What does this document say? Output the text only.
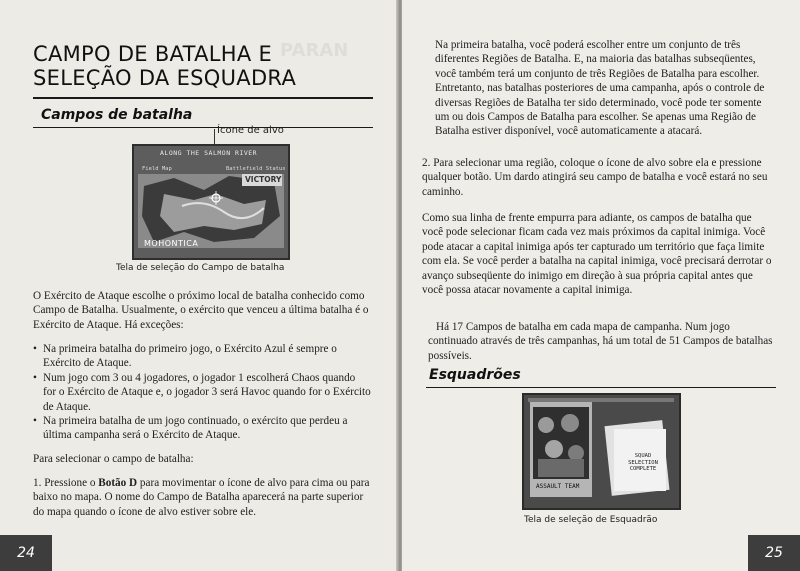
PARAN
CAMPO DE BATALHA E
SELEÇÃO DA ESQUADRA
Campos de batalha
Ícone de alvo
ALONG THE SALMON RIVER
Field Map	Battlefield Status
VICTORY
MOHONTICA
Tela de seleção do Campo de batalha

O Exército de Ataque escolhe o próximo local de batalha conhecido como Campo de Batalha. Usualmente, o exército que venceu a última batalha é o Exército de Ataque. Há exceções:

• Na primeira batalha do primeiro jogo, o Exército Azul é sempre o Exército de Ataque.
• Num jogo com 3 ou 4 jogadores, o jogador 1 escolherá Chaos quando for o Exército de Ataque e, o jogador 3 será Havoc quando for o Exército de Ataque.
• Na primeira batalha de um jogo continuado, o exército que perdeu a última campanha será o Exército de Ataque.

Para selecionar o campo de batalha:

1. Pressione o Botão D para movimentar o ícone de alvo para cima ou para baixo no mapa. O nome do Campo de Batalha aparecerá na parte superior do mapa quando o ícone de alvo estiver sobre ele.

24

Na primeira batalha, você poderá escolher entre um conjunto de três diferentes Regiões de Batalha. E, na maioria das batalhas subseqüentes, você também terá um conjunto de três Regiões de Batalha para escolher. Entretanto, nas batalhas posteriores de uma campanha, após o controle de diversas Regiões de Batalha ter sido determinado, você pode ter somente um ou dois Campos de Batalha para escolher. Se apenas uma Região de Batalha estiver disponível, você automaticamente a atacará.

2. Para selecionar uma região, coloque o ícone de alvo sobre ela e pressione qualquer botão. Um dardo atingirá seu campo de batalha e você estará no seu caminho.

Como sua linha de frente empurra para adiante, os campos de batalha que você pode selecionar ficam cada vez mais próximos da capital inimiga. Você pode atacar a capital inimiga após ter capturado um território que faça limite com ela. Se você perder a batalha na capital inimiga, você precisará derrotar o avanço subseqüente do inimigo em direção à sua própria capital antes que você possa atacar novamente a capital inimiga.

Há 17 Campos de batalha em cada mapa de campanha. Num jogo continuado através de três campanhas, há um total de 51 Campos de batalhas possíveis.

Esquadrões
ASSAULT TEAM
SQUAD
SELECTION
COMPLETE
Tela de seleção de Esquadrão
25
